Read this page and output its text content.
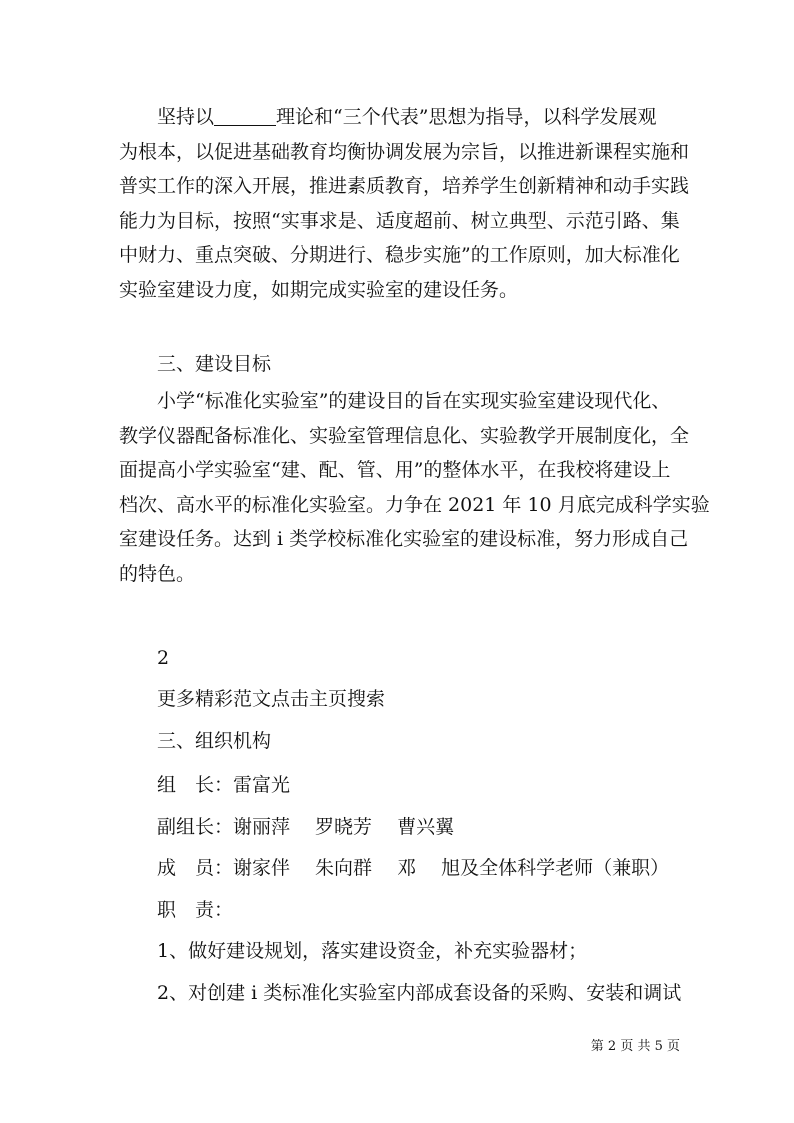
坚持以	理论和“三个代表”思想为指导，以科学发展观
为根本，以促进基础教育均衡协调发展为宗旨，以推进新课程实施和
普实工作的深入开展，推进素质教育，培养学生创新精神和动手实践
能力为目标，按照“实事求是、适度超前、树立典型、示范引路、集
中财力、重点突破、分期进行、稳步实施”的工作原则，加大标准化
实验室建设力度，如期完成实验室的建设任务。
三、建设目标
小学“标准化实验室”的建设目的旨在实现实验室建设现代化、
教学仪器配备标准化、实验室管理信息化、实验教学开展制度化，全
面提高小学实验室“建、配、管、用”的整体水平，在我校将建设上
档次、高水平的标准化实验室。力争在 2021 年 10 月底完成科学实验
室建设任务。达到 i 类学校标准化实验室的建设标准，努力形成自己
的特色。
2
更多精彩范文点击主页搜索
三、组织机构
组　长：雷富光
副组长：谢丽萍　 罗晓芳　 曹兴翼
成　员：谢家伴　 朱向群　 邓　 旭及全体科学老师（兼职）
职　责：
1、做好建设规划，落实建设资金，补充实验器材；
2、对创建 i 类标准化实验室内部成套设备的采购、安装和调试
第 2 页 共 5 页
